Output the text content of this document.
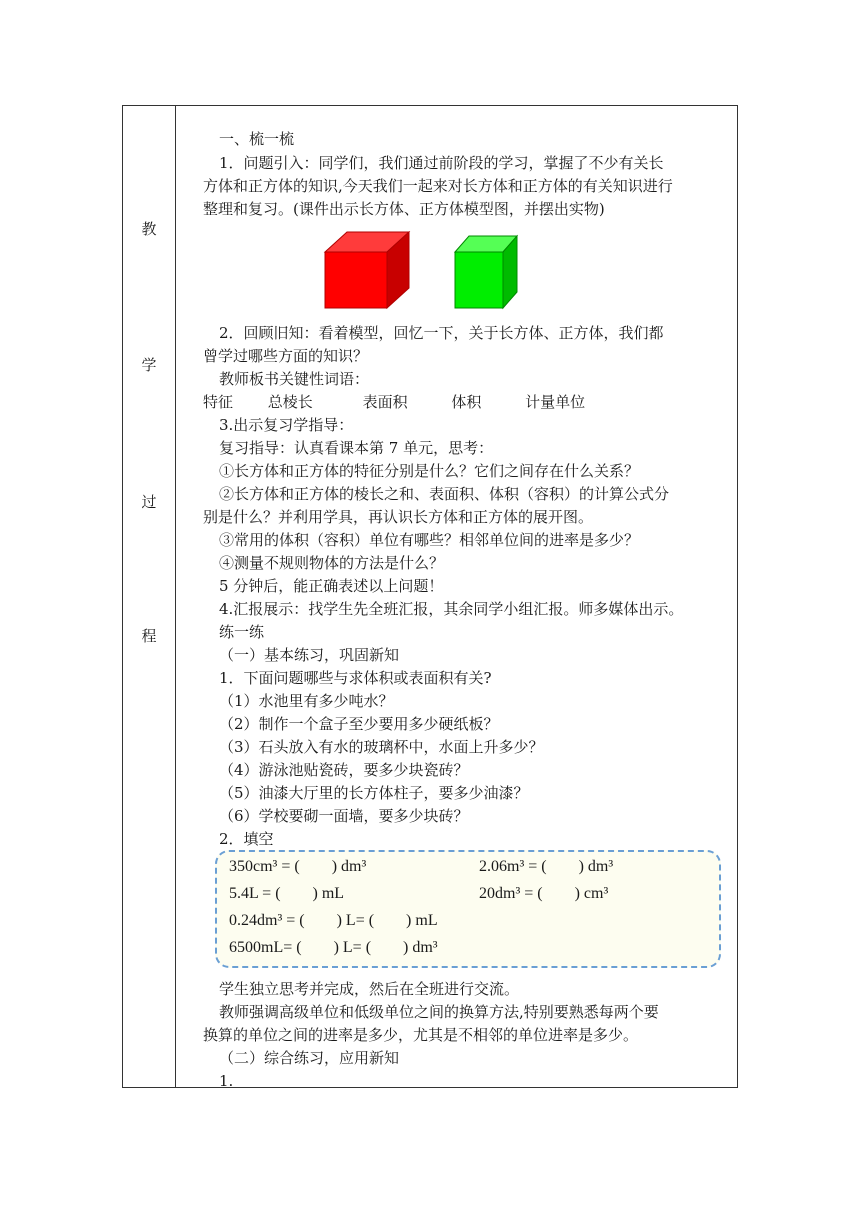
教
学
过
程
一、梳一梳
1．问题引入：同学们，我们通过前阶段的学习，掌握了不少有关长
方体和正方体的知识,今天我们一起来对长方体和正方体的有关知识进行
整理和复习。(课件出示长方体、正方体模型图，并摆出实物)
2．回顾旧知：看着模型，回忆一下，关于长方体、正方体，我们都
曾学过哪些方面的知识？
教师板书关键性词语：
特征 总棱长	表面积	体积	计量单位
3.出示复习学指导：
复习指导：认真看课本第 7 单元，思考：
①长方体和正方体的特征分别是什么？它们之间存在什么关系？
②长方体和正方体的棱长之和、表面积、体积（容积）的计算公式分
别是什么？并利用学具，再认识长方体和正方体的展开图。
③常用的体积（容积）单位有哪些？相邻单位间的进率是多少？
④测量不规则物体的方法是什么？
5 分钟后，能正确表述以上问题！
4.汇报展示：找学生先全班汇报，其余同学小组汇报。师多媒体出示。
练一练
（一）基本练习，巩固新知
1．下面问题哪些与求体积或表面积有关?
（1）水池里有多少吨水？
（2）制作一个盒子至少要用多少硬纸板？
（3）石头放入有水的玻璃杯中，水面上升多少？
（4）游泳池贴瓷砖，要多少块瓷砖？
（5）油漆大厅里的长方体柱子，要多少油漆？
（6）学校要砌一面墙，要多少块砖？
2．填空
学生独立思考并完成，然后在全班进行交流。
教师强调高级单位和低级单位之间的换算方法,特别要熟悉每两个要
换算的单位之间的进率是多少，尤其是不相邻的单位进率是多少。
（二）综合练习，应用新知
1.
350cm³ = (        ) dm³	2.06m³ = (        ) dm³
5.4L = (        ) mL	20dm³ = (        ) cm³
0.24dm³ = (        ) L= (        ) mL
6500mL= (        ) L= (        ) dm³
